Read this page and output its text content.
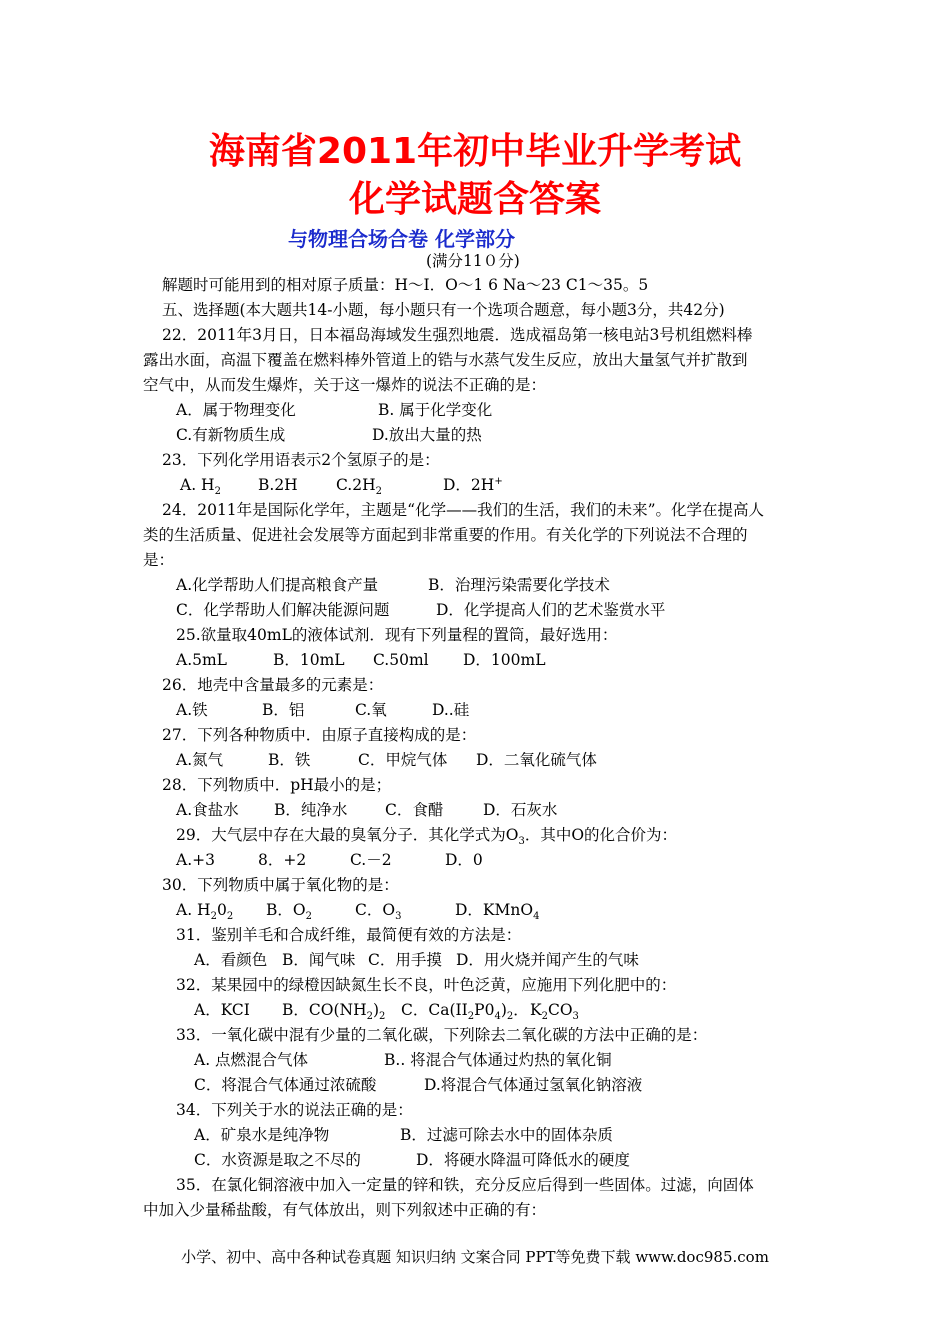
海南省2011年初中毕业升学考试
化学试题含答案
与物理合场合卷 化学部分
(满分11０分)
解题时可能用到的相对原子质量：H～I．O～1 6 Na～23 C1～35。5
五、选择题(本大题共14-小题，每小题只有一个选项合题意，每小题3分，共42分)
22．2011年3月日，日本福岛海域发生强烈地震．选成福岛第一核电站3号机组燃料棒
露出水面，高温下覆盖在燃料棒外管道上的锆与水蒸气发生反应，放出大量氢气并扩散到
空气中，从而发生爆炸，关于这一爆炸的说法不正确的是：
A．属于物理变化	B. 属于化学变化
C.有新物质生成	D.放出大量的热
23．下列化学用语表示2个氢原子的是：
A. $H_2$ B.2H $C.2H_2$	D．2H+
24．2011年是国际化学年，主题是“化学——我们的生活，我们的未来”。化学在提高人
类的生活质量、促进社会发展等方面起到非常重要的作用。有关化学的下列说法不合理的
是：
A.化学帮助人们提高粮食产量	B．治理污染需要化学技术
C．化学帮助人们解决能源问题	D．化学提高人们的艺术鉴赏水平
25.欲量取40mL的液体试剂．现有下列量程的置筒，最好选用：
A.5mL	B．10mL C.50ml D．100mL
26．地壳中含量最多的元素是：
A.铁	B．铝	C.氧	D..硅
27．下列各种物质中．由原子直接构成的是：
A.氮气	B．铁	C．甲烷气体 D．二氧化硫气体
28．下列物质中．pH最小的是；
A.食盐水 B．纯净水 C．食醋	D．石灰水
29．大气层中存在大最的臭氧分子．其化学式为$O_3$．其中O的化合价为：
A.+3	8．+2	C.－2	D．0
30．下列物质中属于氧化物的是：
A. $H_20_2$ B．$O_2$	C．$O_3$	D．KMnO$_4$
31．鉴别羊毛和合成纤维，最简便有效的方法是：
A．看颜色 B．闻气味 C．用手摸 D．用火烧并闻产生的气味
32．某果园中的绿橙因缺氮生长不良，叶色泛黄，应施用下列化肥中的：
A．KCI B．$CO(NH_2)_2$ C．$Ca(II_2P0_4)_2$． $K_2CO_3$
33．一氧化碳中混有少量的二氧化碳，下列除去二氧化碳的方法中正确的是：
A. 点燃混合气体	B.. 将混合气体通过灼热的氧化铜
C．将混合气体通过浓硫酸	D.将混合气体通过氢氧化钠溶液
34．下列关于水的说法正确的是：
A．矿泉水是纯净物	B．过滤可除去水中的固体杂质
C．水资源是取之不尽的	D．将硬水降温可降低水的硬度
35．在氯化铜溶液中加入一定量的锌和铁，充分反应后得到一些固体。过滤，向固体
中加入少量稀盐酸，有气体放出，则下列叙述中正确的有：
小学、初中、高中各种试卷真题 知识归纳 文案合同 PPT等免费下载 www.doc985.com
